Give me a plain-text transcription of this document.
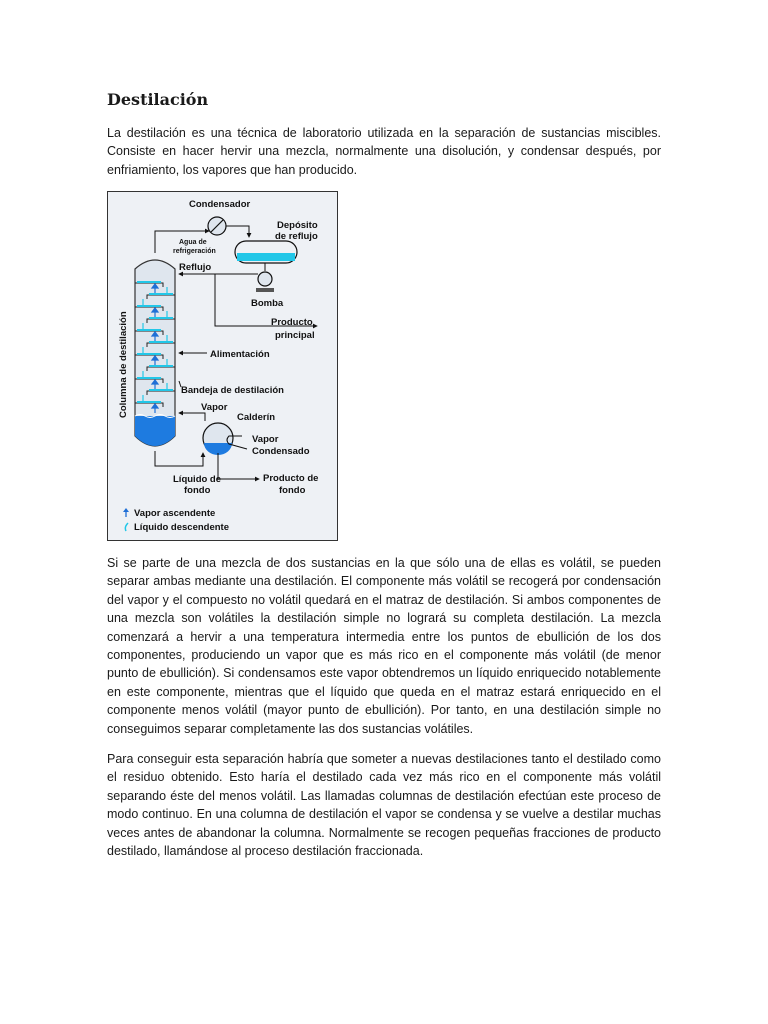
Destilación

La destilación es una técnica de laboratorio utilizada en la separación de sustancias miscibles. Consiste en hacer hervir una mezcla, normalmente una disolución, y condensar después, por enfriamiento, los vapores que han producido.

Condensador
Agua de
refrigeración
Depósito
de reflujo
Reflujo
Bomba
Producto
principal
Columna de destilación	Alimentación
Bandeja de destilación
Vapor
Calderín
Vapor
Condensado
Líquido de
fondo
Producto de
fondo
Vapor ascendente
Líquido descendente

Si se parte de una mezcla de dos sustancias en la que sólo una de ellas es volátil, se pueden separar ambas mediante una destilación. El componente más volátil se recogerá por condensación del vapor y el compuesto no volátil quedará en el matraz de destilación. Si ambos componentes de una mezcla son volátiles la destilación simple no logrará su completa destilación. La mezcla comenzará a hervir a una temperatura intermedia entre los puntos de ebullición de los dos componentes, produciendo un vapor que es más rico en el componente más volátil (de menor punto de ebullición). Si condensamos este vapor obtendremos un líquido enriquecido notablemente en este componente, mientras que el líquido que queda en el matraz estará enriquecido en el componente menos volátil (mayor punto de ebullición). Por tanto, en una destilación simple no conseguimos separar completamente las dos sustancias volátiles.

Para conseguir esta separación habría que someter a nuevas destilaciones tanto el destilado como el residuo obtenido. Esto haría el destilado cada vez más rico en el componente más volátil separando éste del menos volátil. Las llamadas columnas de destilación efectúan este proceso de modo continuo. En una columna de destilación el vapor se condensa y se vuelve a destilar muchas veces antes de abandonar la columna. Normalmente se recogen pequeñas fracciones de producto destilado, llamándose al proceso destilación fraccionada.
